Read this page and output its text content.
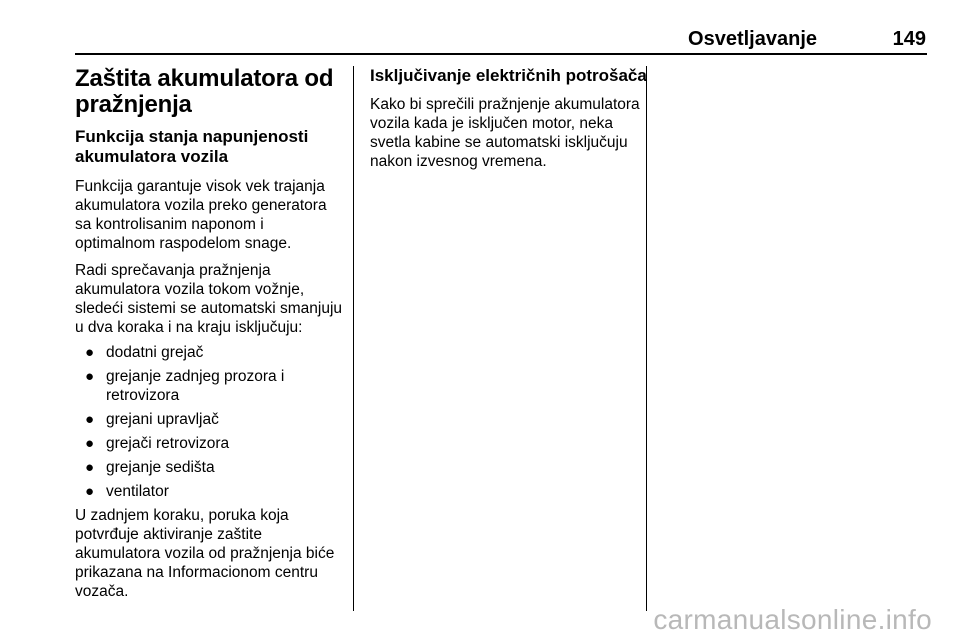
Osvetljavanje	149
Zaštita akumulatora od pražnjenja
Funkcija stanja napunjenosti akumulatora vozila

Funkcija garantuje visok vek trajanja akumulatora vozila preko generatora sa kontrolisanim naponom i optimalnom raspodelom snage.

Radi sprečavanja pražnjenja akumulatora vozila tokom vožnje, sledeći sistemi se automatski smanjuju u dva koraka i na kraju isključuju:

● dodatni grejač
● grejanje zadnjeg prozora i retrovizora
● grejani upravljač
● grejači retrovizora
● grejanje sedišta
● ventilator

U zadnjem koraku, poruka koja potvrđuje aktiviranje zaštite akumulatora vozila od pražnjenja biće prikazana na Informacionom centru vozača.

Isključivanje električnih potrošača

Kako bi sprečili pražnjenje akumulatora vozila kada je isključen motor, neka svetla kabine se automatski isključuju nakon izvesnog vremena.

carmanualsonline.info
